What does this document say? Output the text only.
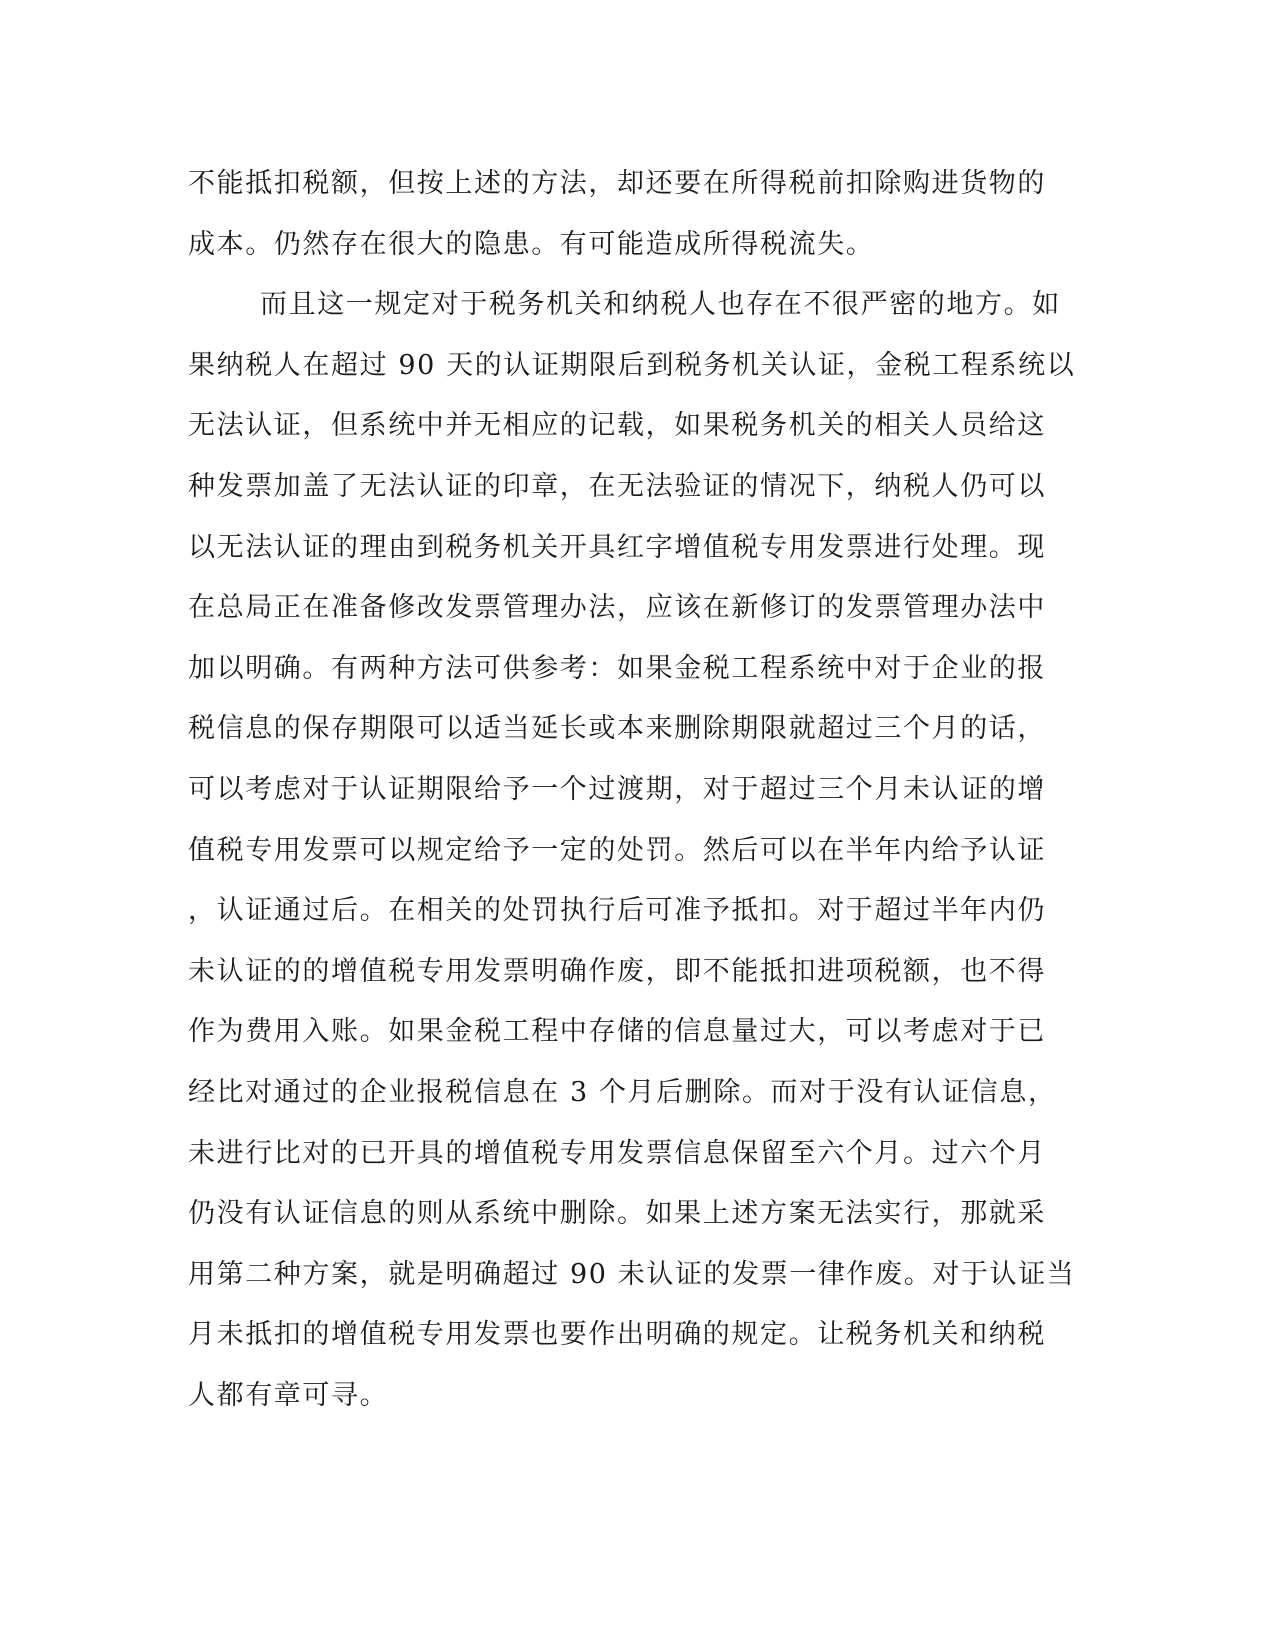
不能抵扣税额，但按上述的方法，却还要在所得税前扣除购进货物的
成本。仍然存在很大的隐患。有可能造成所得税流失。
而且这一规定对于税务机关和纳税人也存在不很严密的地方。如
果纳税人在超过 90 天的认证期限后到税务机关认证，金税工程系统以
无法认证，但系统中并无相应的记载，如果税务机关的相关人员给这
种发票加盖了无法认证的印章，在无法验证的情况下，纳税人仍可以
以无法认证的理由到税务机关开具红字增值税专用发票进行处理。现
在总局正在准备修改发票管理办法，应该在新修订的发票管理办法中
加以明确。有两种方法可供参考：如果金税工程系统中对于企业的报
税信息的保存期限可以适当延长或本来删除期限就超过三个月的话，
可以考虑对于认证期限给予一个过渡期，对于超过三个月未认证的增
值税专用发票可以规定给予一定的处罚。然后可以在半年内给予认证
，认证通过后。在相关的处罚执行后可准予抵扣。对于超过半年内仍
未认证的的增值税专用发票明确作废，即不能抵扣进项税额，也不得
作为费用入账。如果金税工程中存储的信息量过大，可以考虑对于已
经比对通过的企业报税信息在 3 个月后删除。而对于没有认证信息，
未进行比对的已开具的增值税专用发票信息保留至六个月。过六个月
仍没有认证信息的则从系统中删除。如果上述方案无法实行，那就采
用第二种方案，就是明确超过 90 未认证的发票一律作废。对于认证当
月未抵扣的增值税专用发票也要作出明确的规定。让税务机关和纳税
人都有章可寻。
